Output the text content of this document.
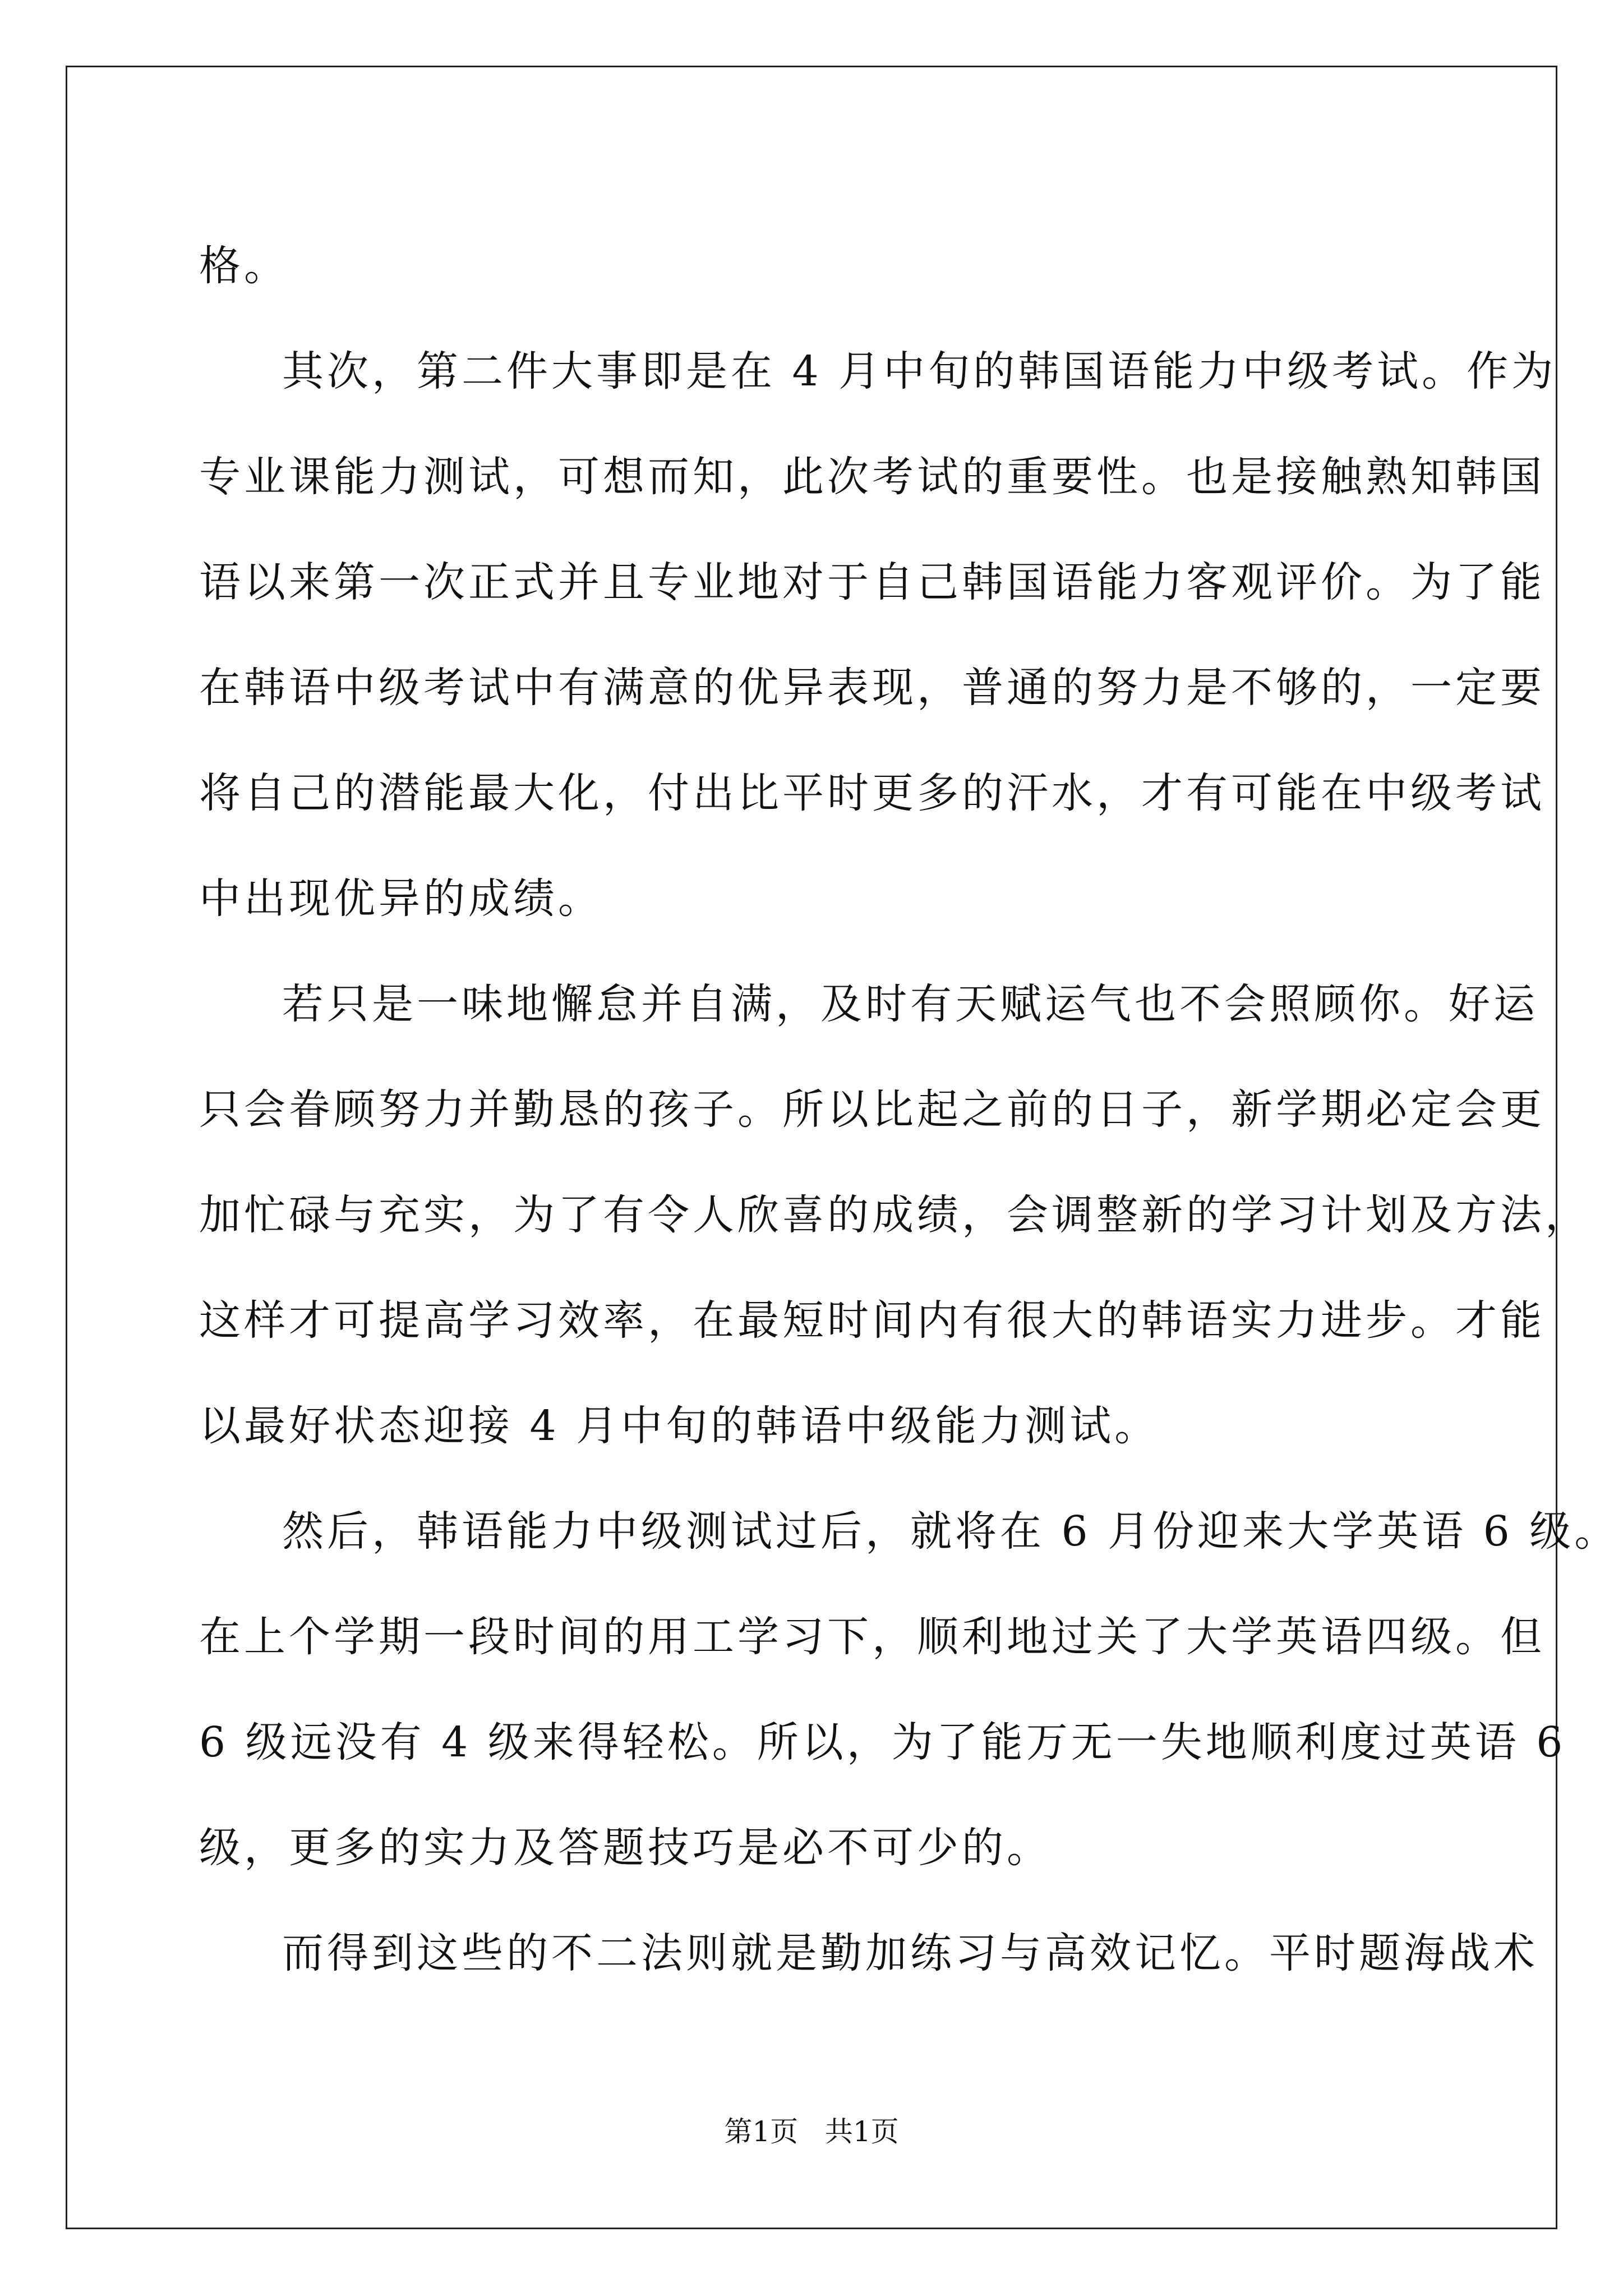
格。
其次，第二件大事即是在 4 月中旬的韩国语能力中级考试。作为
专业课能力测试，可想而知，此次考试的重要性。也是接触熟知韩国
语以来第一次正式并且专业地对于自己韩国语能力客观评价。为了能
在韩语中级考试中有满意的优异表现，普通的努力是不够的，一定要
将自己的潜能最大化，付出比平时更多的汗水，才有可能在中级考试
中出现优异的成绩。
若只是一味地懈怠并自满，及时有天赋运气也不会照顾你。好运
只会眷顾努力并勤恳的孩子。所以比起之前的日子，新学期必定会更
加忙碌与充实，为了有令人欣喜的成绩，会调整新的学习计划及方法，
这样才可提高学习效率，在最短时间内有很大的韩语实力进步。才能
以最好状态迎接 4 月中旬的韩语中级能力测试。
然后，韩语能力中级测试过后，就将在 6 月份迎来大学英语 6 级。
在上个学期一段时间的用工学习下，顺利地过关了大学英语四级。但
6 级远没有 4 级来得轻松。所以，为了能万无一失地顺利度过英语 6
级，更多的实力及答题技巧是必不可少的。
而得到这些的不二法则就是勤加练习与高效记忆。平时题海战术
第1页   共1页
